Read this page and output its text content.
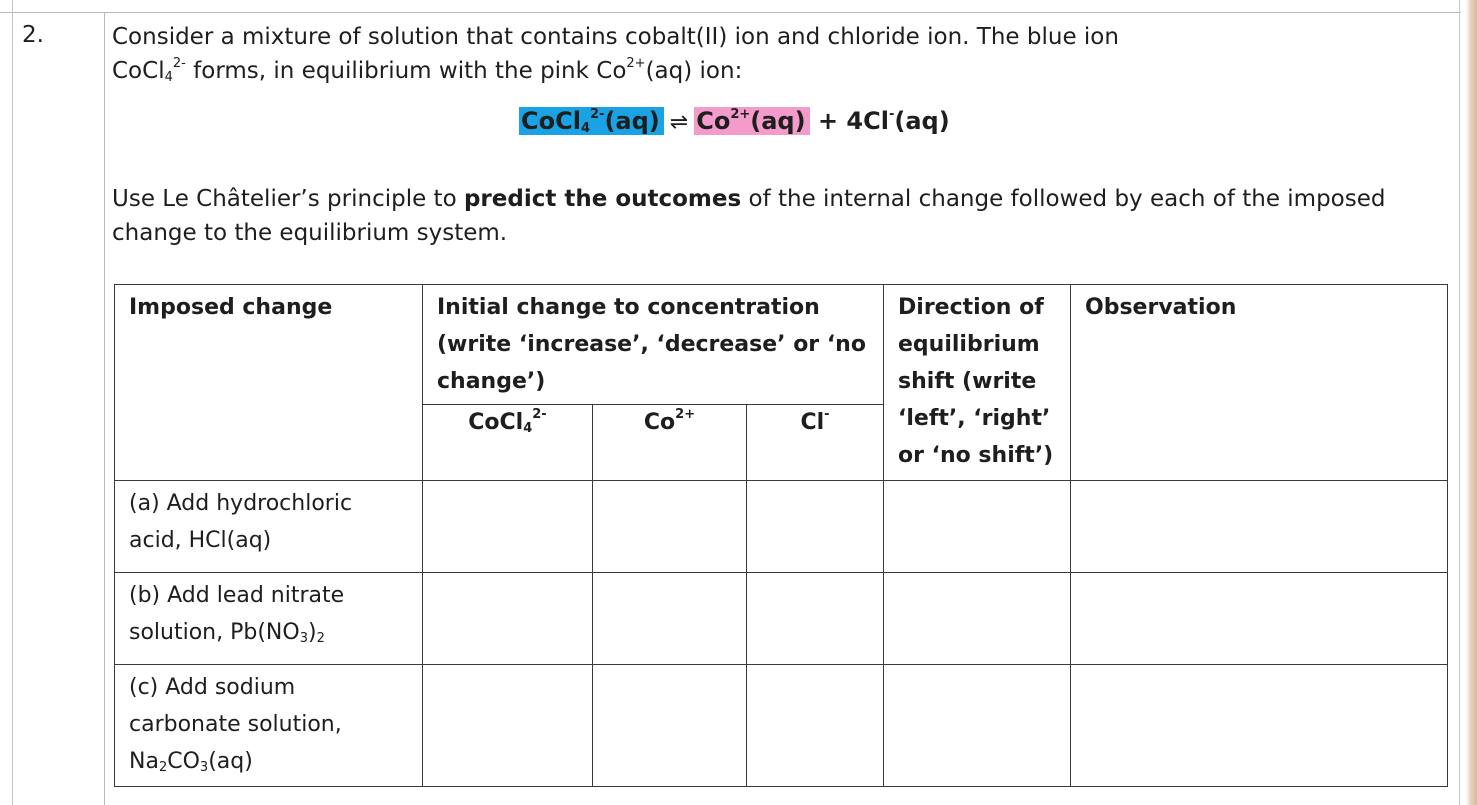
2.	Consider a mixture of solution that contains cobalt(II) ion and chloride ion. The blue ion
CoCl$_4^{2-}$ forms, in equilibrium with the pink $Co^{2+}(aq)$ ion:

CoCl$_4^{2-}$(aq) ⇌ $Co^{2+}(aq) + 4Cl^-(aq)$

Use Le Châtelier’s principle to predict the outcomes of the internal change followed by each of the imposed change to the equilibrium system.

Imposed change	Initial change to concentration (write ‘increase’, ‘decrease’ or ‘no change’)			Direction of equilibrium shift (write ‘left’, ‘right’ or ‘no shift’)	Observation
	CoCl$_4^{2-}$	$Co^{2+}$	Cl-
(a) Add hydrochloric acid, HCl(aq)					
(b) Add lead nitrate solution, $Pb(NO_3)_2$					
(c) Add sodium carbonate solution, $Na_2CO_3(aq)$					
